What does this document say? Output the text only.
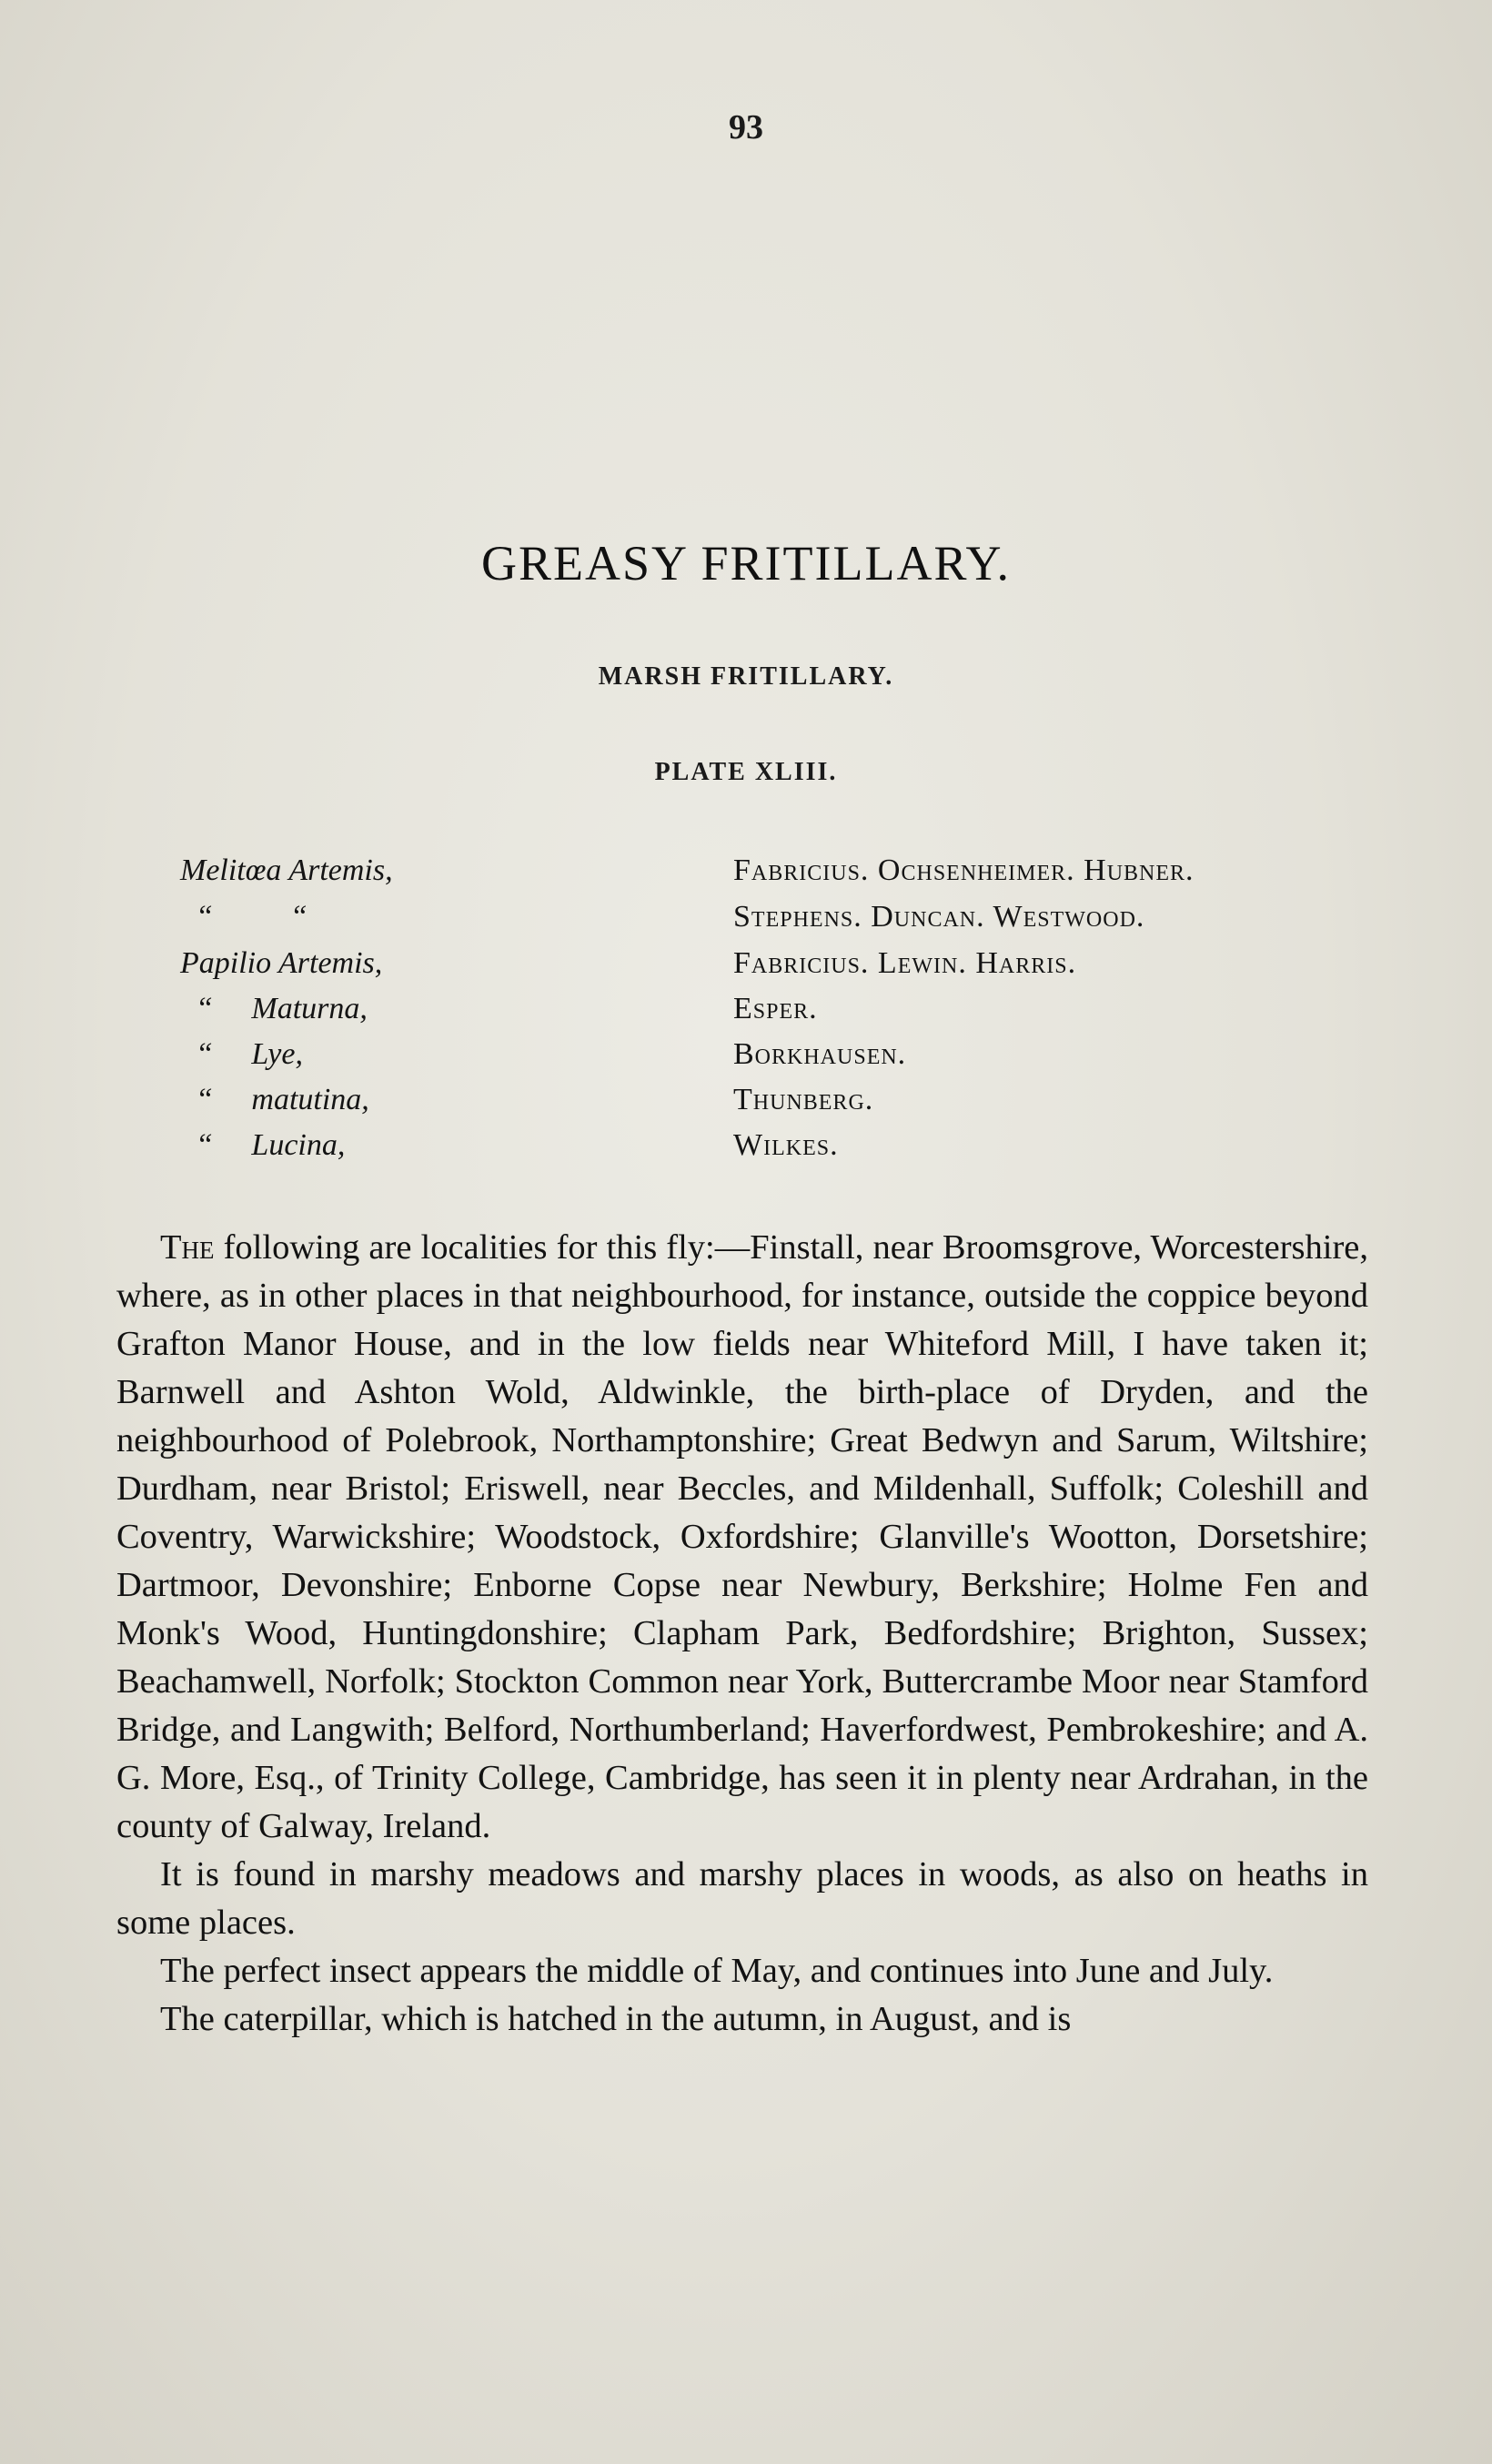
93
GREASY FRITILLARY.
MARSH FRITILLARY.
PLATE XLIII.
Melitœa Artemis,	Fabricius. Ochsenheimer. Hubner.
“          “	Stephens. Duncan. Westwood.
Papilio Artemis,	Fabricius. Lewin. Harris.
“     Maturna,	Esper.
“     Lye,	Borkhausen.
“     matutina,	Thunberg.
“     Lucina,	Wilkes.

The following are localities for this fly:—Finstall, near Broomsgrove, Worcestershire, where, as in other places in that neighbourhood, for instance, outside the coppice beyond Grafton Manor House, and in the low fields near Whiteford Mill, I have taken it; Barnwell and Ashton Wold, Aldwinkle, the birth-place of Dryden, and the neighbourhood of Polebrook, Northamptonshire; Great Bedwyn and Sarum, Wiltshire; Durdham, near Bristol; Eriswell, near Beccles, and Mildenhall, Suffolk; Coleshill and Coventry, Warwickshire; Woodstock, Oxfordshire; Glanville's Wootton, Dorsetshire; Dartmoor, Devonshire; Enborne Copse near Newbury, Berkshire; Holme Fen and Monk's Wood, Huntingdonshire; Clapham Park, Bedfordshire; Brighton, Sussex; Beachamwell, Norfolk; Stockton Common near York, Buttercrambe Moor near Stamford Bridge, and Langwith; Belford, Northumberland; Haverfordwest, Pembrokeshire; and A. G. More, Esq., of Trinity College, Cambridge, has seen it in plenty near Ardrahan, in the county of Galway, Ireland.

It is found in marshy meadows and marshy places in woods, as also on heaths in some places.

The perfect insect appears the middle of May, and continues into June and July.

The caterpillar, which is hatched in the autumn, in August, and is
